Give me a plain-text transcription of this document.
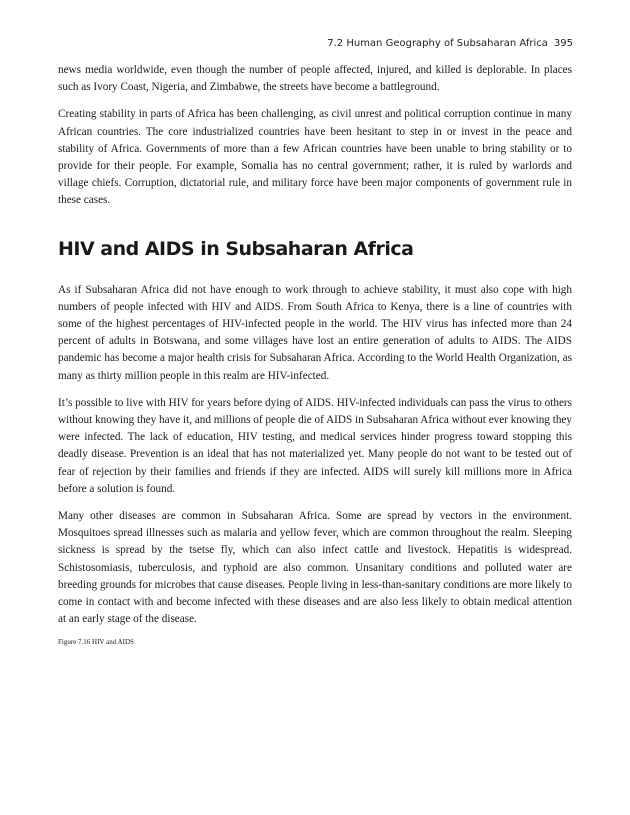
7.2 Human Geography of Subsaharan Africa 395

news media worldwide, even though the number of people affected, injured, and killed is deplorable. In places such as Ivory Coast, Nigeria, and Zimbabwe, the streets have become a battleground.

Creating stability in parts of Africa has been challenging, as civil unrest and political corruption continue in many African countries. The core industrialized countries have been hesitant to step in or invest in the peace and stability of Africa. Governments of more than a few African countries have been unable to bring stability or to provide for their people. For example, Somalia has no central government; rather, it is ruled by warlords and village chiefs. Corruption, dictatorial rule, and military force have been major components of government rule in these cases.

HIV and AIDS in Subsaharan Africa

As if Subsaharan Africa did not have enough to work through to achieve stability, it must also cope with high numbers of people infected with HIV and AIDS. From South Africa to Kenya, there is a line of countries with some of the highest percentages of HIV-infected people in the world. The HIV virus has infected more than 24 percent of adults in Botswana, and some villages have lost an entire generation of adults to AIDS. The AIDS pandemic has become a major health crisis for Subsaharan Africa. According to the World Health Organization, as many as thirty million people in this realm are HIV-infected.

It’s possible to live with HIV for years before dying of AIDS. HIV-infected individuals can pass the virus to others without knowing they have it, and millions of people die of AIDS in Subsaharan Africa without ever knowing they were infected. The lack of education, HIV testing, and medical services hinder progress toward stopping this deadly disease. Prevention is an ideal that has not materialized yet. Many people do not want to be tested out of fear of rejection by their families and friends if they are infected. AIDS will surely kill millions more in Africa before a solution is found.

Many other diseases are common in Subsaharan Africa. Some are spread by vectors in the environment. Mosquitoes spread illnesses such as malaria and yellow fever, which are common throughout the realm. Sleeping sickness is spread by the tsetse fly, which can also infect cattle and livestock. Hepatitis is widespread. Schistosomiasis, tuberculosis, and typhoid are also common. Unsanitary conditions and polluted water are breeding grounds for microbes that cause diseases. People living in less-than-sanitary conditions are more likely to come in contact with and become infected with these diseases and are also less likely to obtain medical attention at an early stage of the disease.

Figure 7.16 HIV and AIDS
